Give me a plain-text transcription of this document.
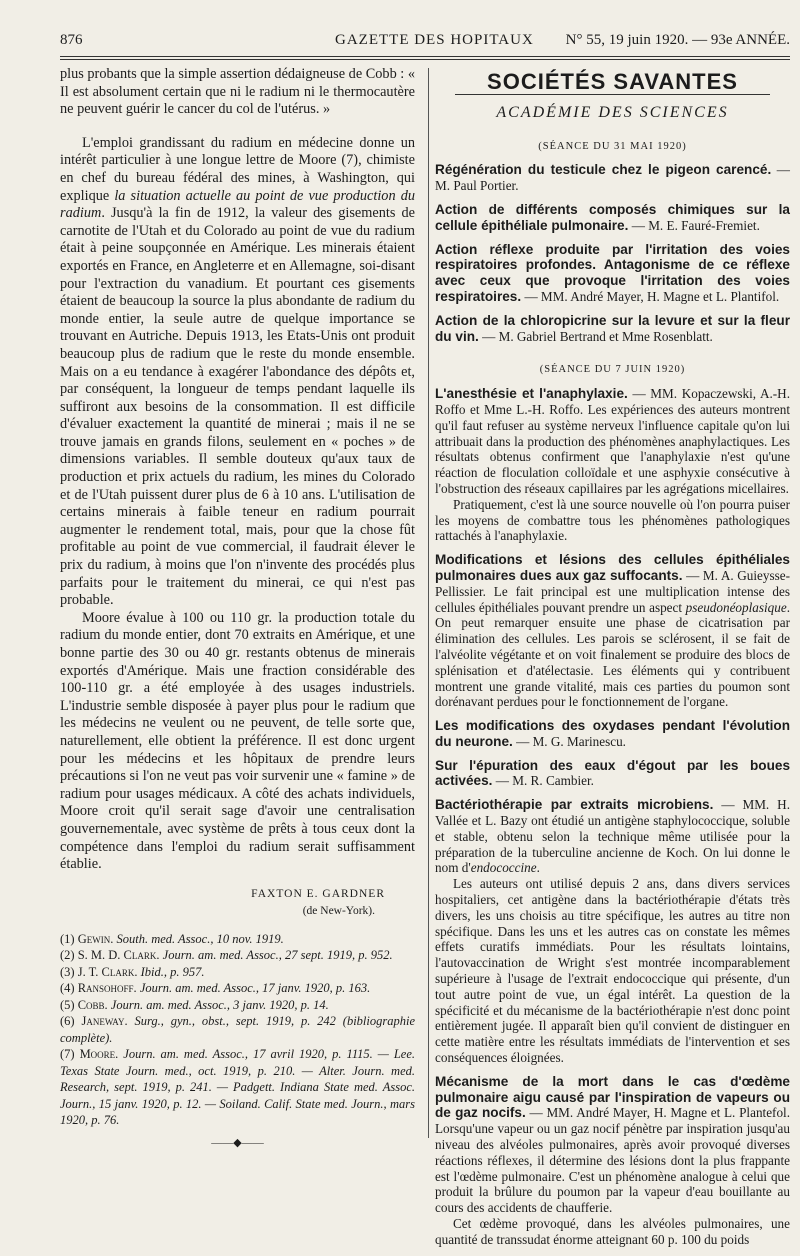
876	GAZETTE DES HOPITAUX N° 55, 19 juin 1920. — 93e ANNÉE.

plus probants que la simple assertion dédaigneuse de Cobb : « Il est absolument certain que ni le radium ni le thermocautère ne peuvent guérir le cancer du col de l'utérus. »

L'emploi grandissant du radium en médecine donne un intérêt particulier à une longue lettre de Moore (7), chimiste en chef du bureau fédéral des mines, à Washington, qui explique la situation actuelle au point de vue production du radium. Jusqu'à la fin de 1912, la valeur des gisements de carnotite de l'Utah et du Colorado au point de vue du radium était à peine soupçonnée en Amérique. Les minerais étaient exportés en France, en Angleterre et en Allemagne, soi-disant pour l'extraction du vanadium. Et pourtant ces gisements étaient de beaucoup la source la plus abondante de radium du monde entier, la seule autre de quelque importance se trouvant en Autriche. Depuis 1913, les Etats-Unis ont produit beaucoup plus de radium que le reste du monde ensemble. Mais on a eu tendance à exagérer l'abondance des dépôts et, par conséquent, la longueur de temps pendant laquelle ils suffiront aux besoins de la consommation. Il est difficile d'évaluer exactement la quantité de minerai ; mais il ne se trouve jamais en grands filons, seulement en « poches » de dimensions variables. Il semble douteux qu'aux taux de production et prix actuels du radium, les mines du Colorado et de l'Utah puissent durer plus de 6 à 10 ans. L'utilisation de certains minerais à faible teneur en radium pourrait augmenter le rendement total, mais, pour que la chose fût profitable au point de vue commercial, il faudrait élever le prix du radium, à moins que l'on n'invente des procédés plus parfaits pour le traitement du minerai, ce qui n'est pas probable.

Moore évalue à 100 ou 110 gr. la production totale du radium du monde entier, dont 70 extraits en Amérique, et une bonne partie des 30 ou 40 gr. restants obtenus de minerais exportés d'Amérique. Mais une fraction considérable des 100-110 gr. a été employée à des usages industriels. L'industrie semble disposée à payer plus pour le radium que les médecins ne veulent ou ne peuvent, de telle sorte que, naturellement, elle obtient la préférence. Il est donc urgent pour les médecins et les hôpitaux de prendre leurs précautions si l'on ne veut pas voir survenir une « famine » de radium pour usages médicaux. A côté des achats individuels, Moore croit qu'il serait sage d'avoir une centralisation gouvernementale, avec système de prêts à tous ceux dont la compétence dans l'emploi du radium serait suffisamment établie.

FAXTON E. GARDNER
(de New-York).

(1) Gewin. South. med. Assoc., 10 nov. 1919.

(2) S. M. D. Clark. Journ. am. med. Assoc., 27 sept. 1919, p. 952.

(3) J. T. Clark. Ibid., p. 957.

(4) Ransohoff. Journ. am. med. Assoc., 17 janv. 1920, p. 163.

(5) Cobb. Journ. am. med. Assoc., 3 janv. 1920, p. 14.

(6) Janeway. Surg., gyn., obst., sept. 1919, p. 242 (bibliographie complète).

(7) Moore. Journ. am. med. Assoc., 17 avril 1920, p. 1115. — Lee. Texas State Journ. med., oct. 1919, p. 210. — Alter. Journ. med. Research, sept. 1919, p. 241. — Padgett. Indiana State med. Assoc. Journ., 15 janv. 1920, p. 12. — Soiland. Calif. State med. Journ., mars 1920, p. 76.

——◆——
SOCIÉTÉS SAVANTES
ACADÉMIE DES SCIENCES
(SÉANCE DU 31 MAI 1920)

Régénération du testicule chez le pigeon carencé. — M. Paul Portier.

Action de différents composés chimiques sur la cellule épithéliale pulmonaire. — M. E. Fauré-Fremiet.

Action réflexe produite par l'irritation des voies respiratoires profondes. Antagonisme de ce réflexe avec ceux que provoque l'irritation des voies respiratoires. — MM. André Mayer, H. Magne et L. Plantifol.

Action de la chloropicrine sur la levure et sur la fleur du vin. — M. Gabriel Bertrand et Mme Rosenblatt.

(SÉANCE DU 7 JUIN 1920)

L'anesthésie et l'anaphylaxie. — MM. Kopaczewski, A.-H. Roffo et Mme L.-H. Roffo. Les expériences des auteurs montrent qu'il faut refuser au système nerveux l'influence capitale qu'on lui attribuait dans la production des phénomènes anaphylactiques. Les résultats obtenus confirment que l'anaphylaxie n'est qu'une réaction de floculation colloïdale et une asphyxie consécutive à l'obstruction des réseaux capillaires par les agrégations micellaires.

Pratiquement, c'est là une source nouvelle où l'on pourra puiser les moyens de combattre tous les phénomènes pathologiques rattachés à l'anaphylaxie.

Modifications et lésions des cellules épithéliales pulmonaires dues aux gaz suffocants. — M. A. Guieysse-Pellissier. Le fait principal est une multiplication intense des cellules épithéliales pouvant prendre un aspect pseudonéoplasique. On peut remarquer ensuite une phase de cicatrisation par élimination des cellules. Les parois se sclérosent, il se fait de l'alvéolite végétante et on voit finalement se produire des blocs de splénisation et d'atélectasie. Les éléments qui y contribuent montrent une grande vitalité, mais ces parties du poumon sont dorénavant perdues pour le fonctionnement de l'organe.

Les modifications des oxydases pendant l'évolution du neurone. — M. G. Marinescu.

Sur l'épuration des eaux d'égout par les boues activées. — M. R. Cambier.

Bactériothérapie par extraits microbiens. — MM. H. Vallée et L. Bazy ont étudié un antigène staphylococcique, soluble et stable, obtenu selon la technique même utilisée pour la préparation de la tuberculine ancienne de Koch. On lui donne le nom d'endococcine.

Les auteurs ont utilisé depuis 2 ans, dans divers services hospitaliers, cet antigène dans la bactériothérapie d'états très divers, les uns choisis au titre spécifique, les autres au titre non spécifique. Dans les uns et les autres cas on constate les mêmes effets curatifs immédiats. Pour les résultats lointains, l'autovaccination de Wright s'est montrée incomparablement supérieure à l'usage de l'extrait endococcique qui présente, d'un tout autre point de vue, un égal intérêt. La question de la spécificité et du mécanisme de la bactériothérapie n'est donc point entièrement jugée. Il apparaît bien qu'il convient de distinguer en cette matière entre les résultats immédiats de l'intervention et ses conséquences éloignées.

Mécanisme de la mort dans le cas d'œdème pulmonaire aigu causé par l'inspiration de vapeurs ou de gaz nocifs. — MM. André Mayer, H. Magne et L. Plantefol. Lorsqu'une vapeur ou un gaz nocif pénètre par inspiration jusqu'au niveau des alvéoles pulmonaires, après avoir provoqué diverses réactions réflexes, il détermine des lésions dont la plus frappante est l'œdème pulmonaire. C'est un phénomène analogue à celui que produit la brûlure du poumon par la vapeur d'eau bouillante au cours des accidents de chaufferie.

Cet œdème provoqué, dans les alvéoles pulmonaires, une quantité de transsudat énorme atteignant 60 p. 100 du poids
